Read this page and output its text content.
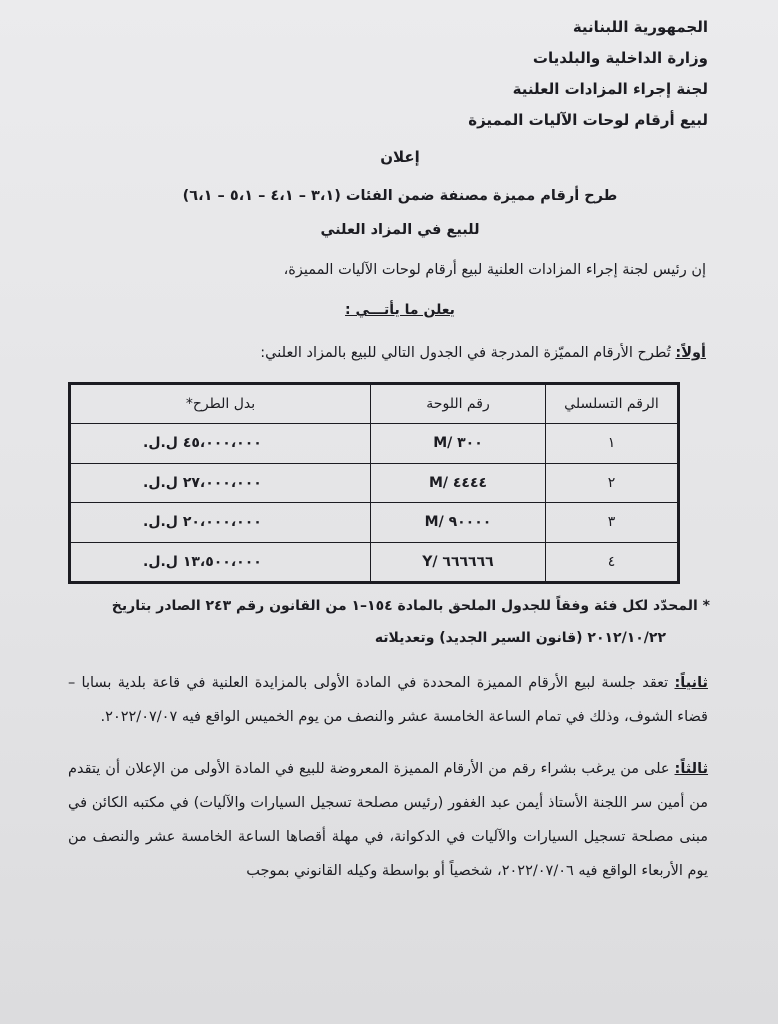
الجمهورية اللبنانية
وزارة الداخلية والبلديات
لجنة إجراء المزادات العلنية
لبيع أرقام لوحات الآليات المميزة
إعلان
طرح أرقام مميزة مصنفة ضمن الفئات (٣،١ – ٤،١ – ٥،١ – ٦،١)
للبيع في المزاد العلني
إن رئيس لجنة إجراء المزادات العلنية لبيع أرقام لوحات الآليات المميزة،
يعلن ما يأتـــي :
أولاً: تُطرح الأرقام المميّزة المدرجة في الجدول التالي للبيع بالمزاد العلني:
الرقم التسلسلي	رقم اللوحة	بدل الطرح*
١	M/ ٣٠٠	٤٥،٠٠٠،٠٠٠ ل.ل.
٢	M/ ٤٤٤٤	٢٧،٠٠٠،٠٠٠ ل.ل.
٣	M/ ٩٠٠٠٠	٢٠،٠٠٠،٠٠٠ ل.ل.
٤	Y/ ٦٦٦٦٦٦	١٣،٥٠٠،٠٠٠ ل.ل.
* المحدّد لكل فئة وفقاً للجدول الملحق بالمادة ١٥٤–١ من القانون رقم ٢٤٣ الصادر بتاريخ
٢٠١٢/١٠/٢٢ (قانون السير الجديد) وتعديلاته
ثانياً: تعقد جلسة لبيع الأرقام المميزة المحددة في المادة الأولى بالمزايدة العلنية في قاعة بلدية بسابا – قضاء الشوف، وذلك في تمام الساعة الخامسة عشر والنصف من يوم الخميس الواقع فيه ٢٠٢٢/٠٧/٠٧.
ثالثاً: على من يرغب بشراء رقم من الأرقام المميزة المعروضة للبيع في المادة الأولى من الإعلان أن يتقدم من أمين سر اللجنة الأستاذ أيمن عبد الغفور (رئيس مصلحة تسجيل السيارات والآليات) في مكتبه الكائن في مبنى مصلحة تسجيل السيارات والآليات في الدكوانة، في مهلة أقصاها الساعة الخامسة عشر والنصف من يوم الأربعاء الواقع فيه ٢٠٢٢/٠٧/٠٦، شخصياً أو بواسطة وكيله القانوني بموجب
